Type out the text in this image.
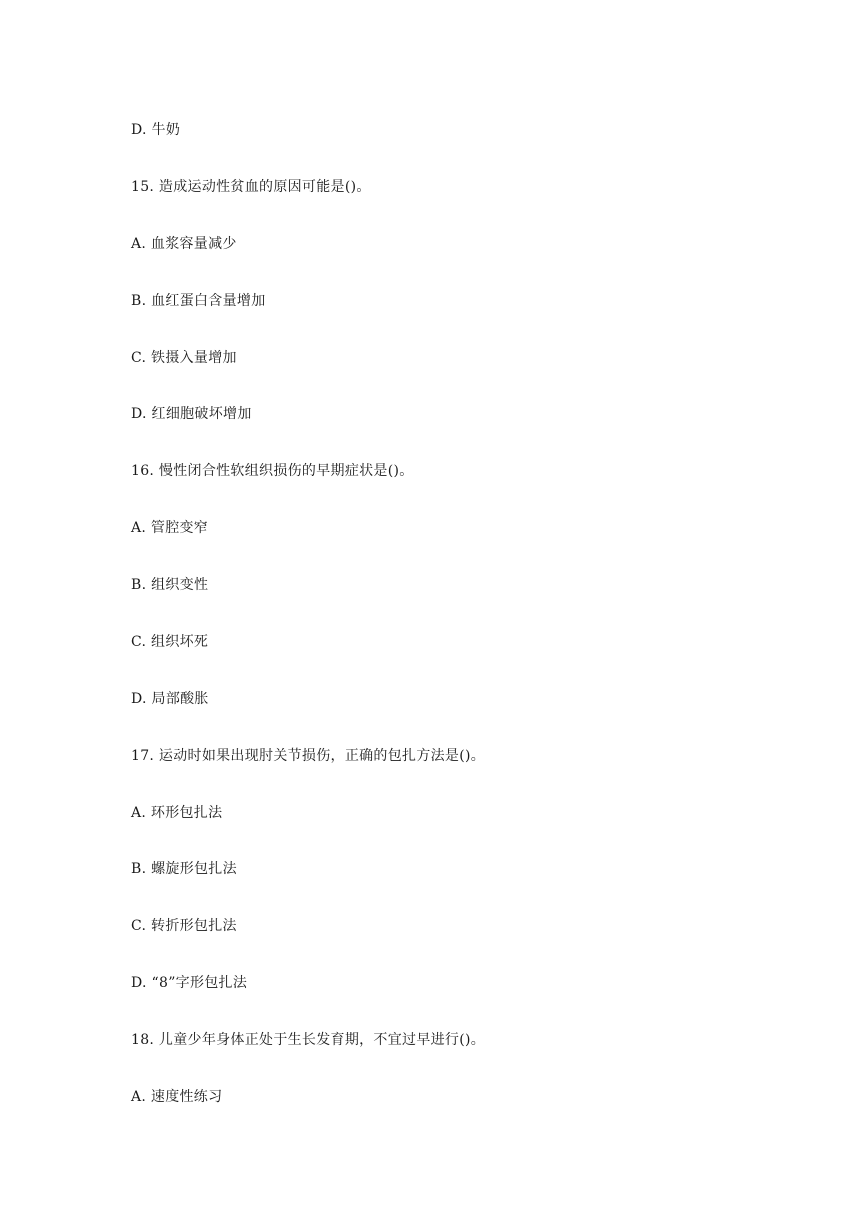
D. 牛奶
15. 造成运动性贫血的原因可能是()。
A. 血浆容量减少
B. 血红蛋白含量增加
C. 铁摄入量增加
D. 红细胞破坏增加
16. 慢性闭合性软组织损伤的早期症状是()。
A. 管腔变窄
B. 组织变性
C. 组织坏死
D. 局部酸胀
17. 运动时如果出现肘关节损伤，正确的包扎方法是()。
A. 环形包扎法
B. 螺旋形包扎法
C. 转折形包扎法
D. “8”字形包扎法
18. 儿童少年身体正处于生长发育期，不宜过早进行()。
A. 速度性练习
